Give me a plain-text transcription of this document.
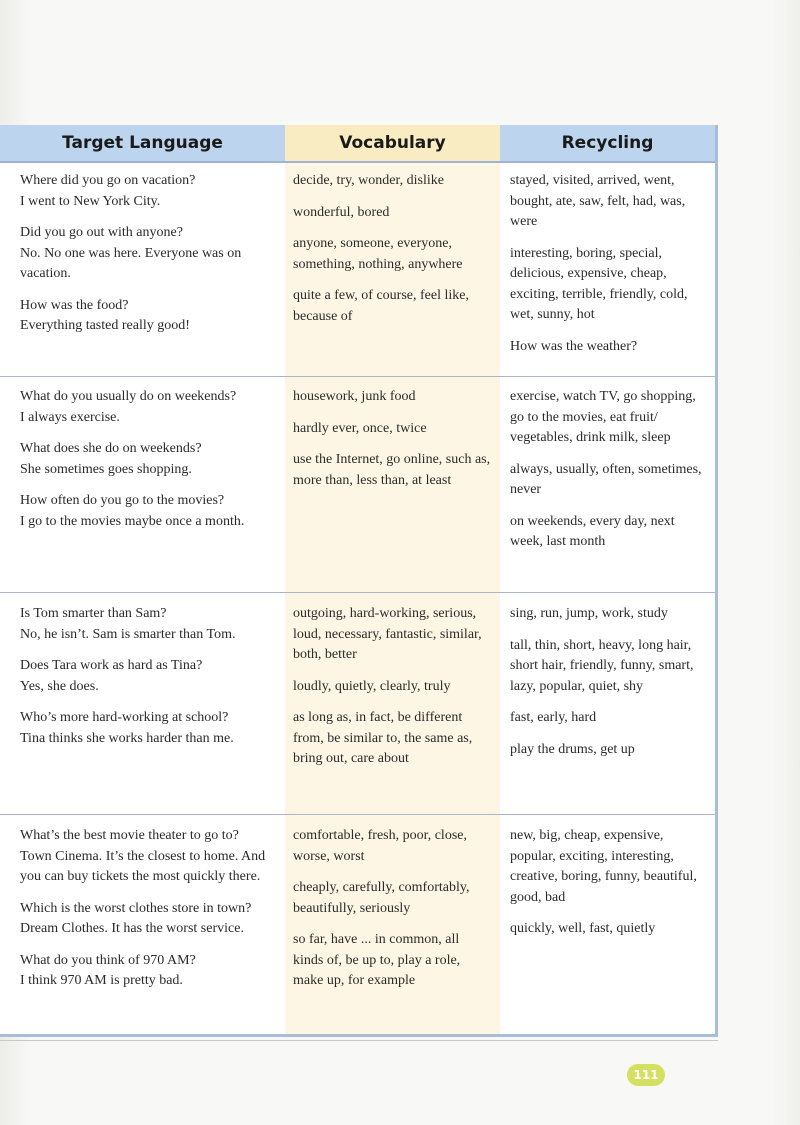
Target Language	Vocabulary	Recycling

Where did you go on vacation?
I went to New York City.

Did you go out with anyone?
No. No one was here. Everyone was on vacation.

How was the food?
Everything tasted really good!

decide, try, wonder, dislike

wonderful, bored

anyone, someone, everyone, something, nothing, anywhere

quite a few, of course, feel like, because of

stayed, visited, arrived, went, bought, ate, saw, felt, had, was, were

interesting, boring, special, delicious, expensive, cheap, exciting, terrible, friendly, cold, wet, sunny, hot

How was the weather?

What do you usually do on weekends?
I always exercise.

What does she do on weekends?
She sometimes goes shopping.

How often do you go to the movies?
I go to the movies maybe once a month.

housework, junk food

hardly ever, once, twice

use the Internet, go online, such as, more than, less than, at least

exercise, watch TV, go shopping, go to the movies, eat fruit/ vegetables, drink milk, sleep

always, usually, often, sometimes, never

on weekends, every day, next week, last month

Is Tom smarter than Sam?
No, he isn’t. Sam is smarter than Tom.

Does Tara work as hard as Tina?
Yes, she does.

Who’s more hard-working at school?
Tina thinks she works harder than me.

outgoing, hard-working, serious, loud, necessary, fantastic, similar, both, better

loudly, quietly, clearly, truly

as long as, in fact, be different from, be similar to, the same as, bring out, care about

sing, run, jump, work, study

tall, thin, short, heavy, long hair, short hair, friendly, funny, smart, lazy, popular, quiet, shy

fast, early, hard

play the drums, get up

What’s the best movie theater to go to?
Town Cinema. It’s the closest to home. And you can buy tickets the most quickly there.

Which is the worst clothes store in town?
Dream Clothes. It has the worst service.

What do you think of 970 AM?
I think 970 AM is pretty bad.

comfortable, fresh, poor, close, worse, worst

cheaply, carefully, comfortably, beautifully, seriously

so far, have ... in common, all kinds of, be up to, play a role, make up, for example

new, big, cheap, expensive, popular, exciting, interesting, creative, boring, funny, beautiful, good, bad

quickly, well, fast, quietly

111
